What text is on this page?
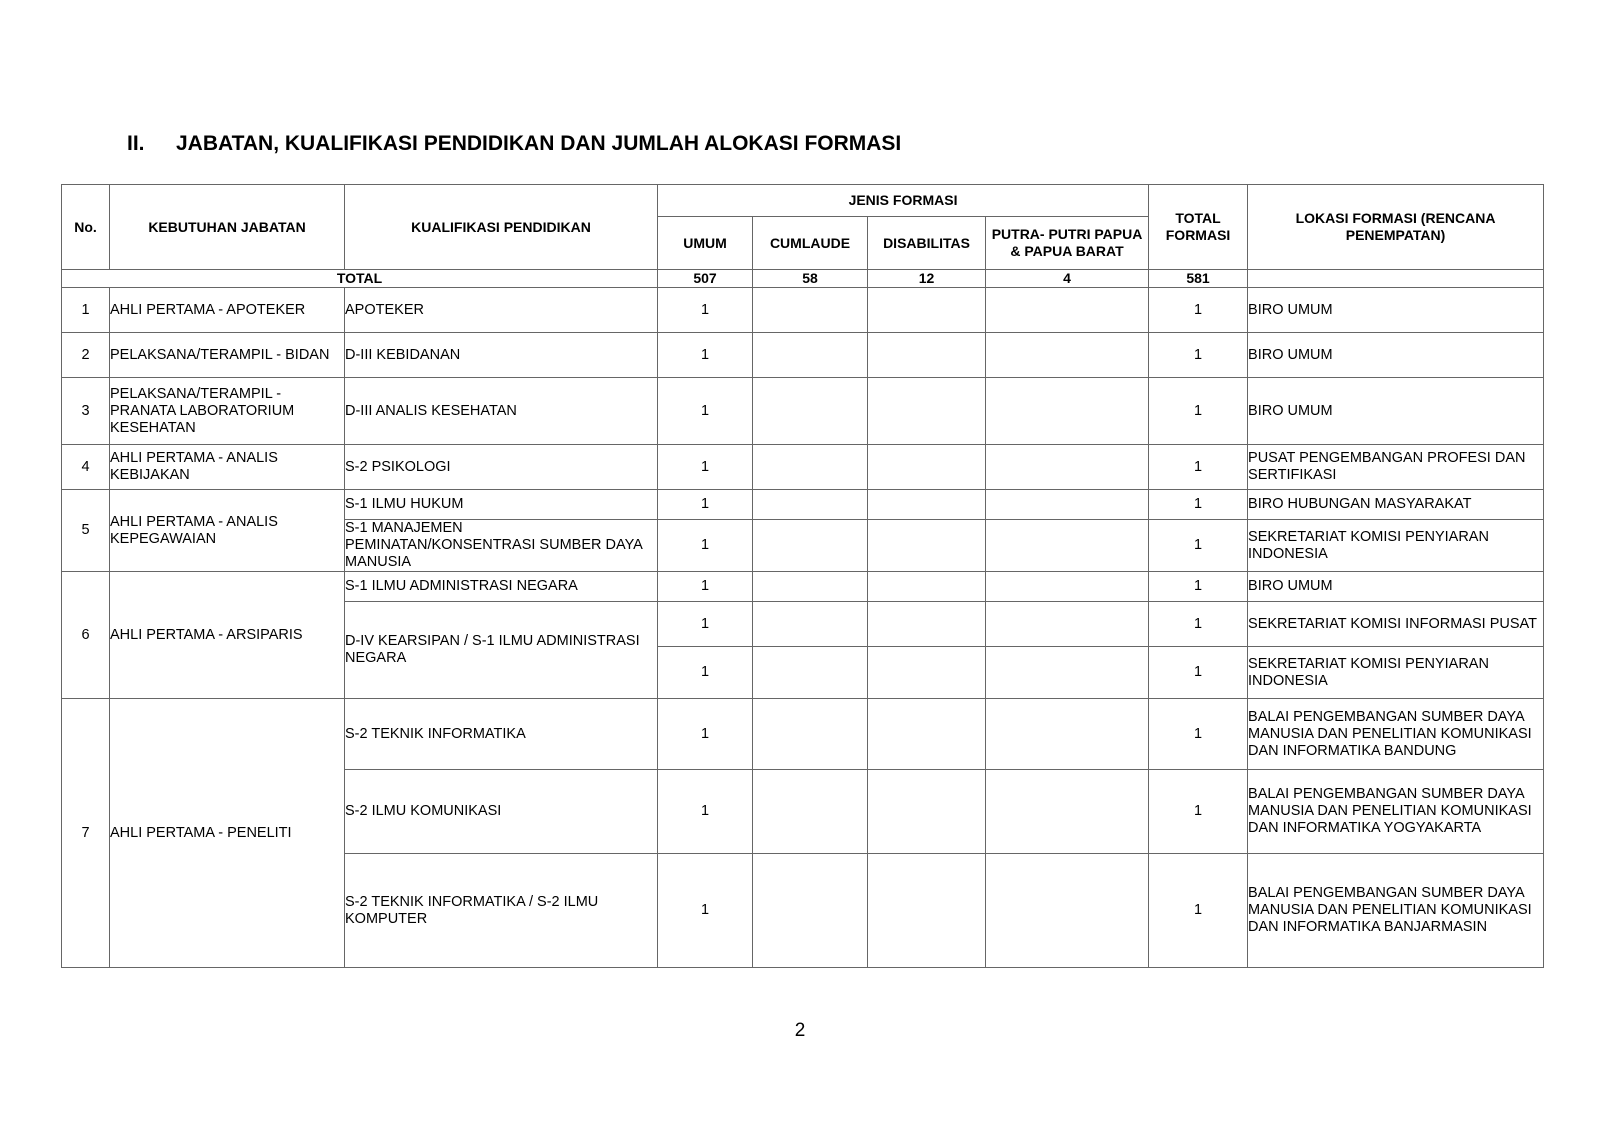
II. JABATAN, KUALIFIKASI PENDIDIKAN DAN JUMLAH ALOKASI FORMASI
No.	KEBUTUHAN JABATAN	KUALIFIKASI PENDIDIKAN	JENIS FORMASI				TOTAL FORMASI	LOKASI FORMASI (RENCANA PENEMPATAN)
			UMUM	CUMLAUDE	DISABILITAS	PUTRA- PUTRI PAPUA & PAPUA BARAT		
TOTAL			507	58	12	4	581	
1	AHLI PERTAMA - APOTEKER	APOTEKER	1				1	BIRO UMUM
2	PELAKSANA/TERAMPIL - BIDAN	D-III KEBIDANAN	1				1	BIRO UMUM
3	PELAKSANA/TERAMPIL - PRANATA LABORATORIUM KESEHATAN	D-III ANALIS KESEHATAN	1				1	BIRO UMUM
4	AHLI PERTAMA - ANALIS KEBIJAKAN	S-2 PSIKOLOGI	1				1	PUSAT PENGEMBANGAN PROFESI DAN SERTIFIKASI
5	AHLI PERTAMA - ANALIS KEPEGAWAIAN	S-1 ILMU HUKUM	1				1	BIRO HUBUNGAN MASYARAKAT
		S-1 MANAJEMEN PEMINATAN/KONSENTRASI SUMBER DAYA MANUSIA	1				1	SEKRETARIAT KOMISI PENYIARAN INDONESIA
6	AHLI PERTAMA - ARSIPARIS	S-1 ILMU ADMINISTRASI NEGARA	1				1	BIRO UMUM
		D-IV KEARSIPAN / S-1 ILMU ADMINISTRASI NEGARA	1				1	SEKRETARIAT KOMISI INFORMASI PUSAT
			1				1	SEKRETARIAT KOMISI PENYIARAN INDONESIA
7	AHLI PERTAMA - PENELITI	S-2 TEKNIK INFORMATIKA	1				1	BALAI PENGEMBANGAN SUMBER DAYA MANUSIA DAN PENELITIAN KOMUNIKASI DAN INFORMATIKA BANDUNG
		S-2 ILMU KOMUNIKASI	1				1	BALAI PENGEMBANGAN SUMBER DAYA MANUSIA DAN PENELITIAN KOMUNIKASI DAN INFORMATIKA YOGYAKARTA
		S-2 TEKNIK INFORMATIKA / S-2 ILMU KOMPUTER	1				1	BALAI PENGEMBANGAN SUMBER DAYA MANUSIA DAN PENELITIAN KOMUNIKASI DAN INFORMATIKA BANJARMASIN
2
